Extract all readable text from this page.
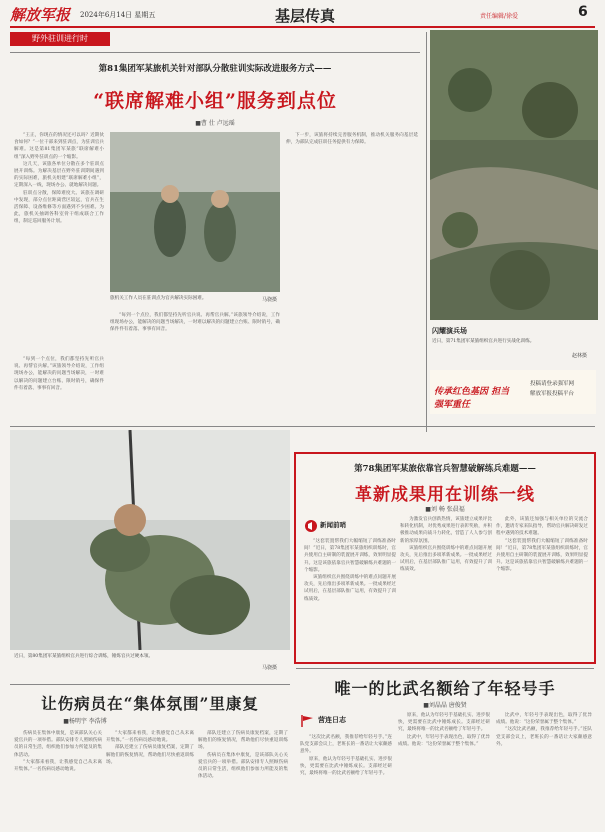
解放军报 2024年6月14日 星期五	基层传真	责任编辑/徐爱	6
野外驻训进行时
第81集团军某旅机关针对部队分散驻训实际改进服务方式——
“联席解难小组”服务到点位
■曹 仕 卢远瑶

“王正，你现在的情况还可以吗？近期伙食如何？”一位干部来到驻训点，为驻训官兵解难。这是第81集团军某旅“联席解难小组”深入野外驻训点的一个缩影。

这几天，该旅各单位分散在多个驻训点展开训练。为解决基层在野外驻训期间遇到的实际困难，旅机关组建“联席解难小组”，定期深入一线，现场办公、就地解决问题。

驻训点分散，保障难度大。该旅在调研中发现，部分点位距离营区较远，官兵在生活保障、设备维修等方面遇到不少困难。为此，旅机关抽调各科室骨干组成联合工作组，制定巡回服务计划。

旅机关工作人员在驻训点为官兵解决实际困难。	马骁摄

“每到一个点位，我们都坚持先听官兵说、再帮官兵解。”该旅领导介绍说，工作组现场办公，能解决的问题当场解决，一时难以解决的问题建立台账、限时销号，确保件件有着落、事事有回音。

下一步，该旅将持续完善服务机制，推动机关服务向基层延伸，为部队完成驻训任务提供有力保障。

“每到一个点位，我们都坚持先听官兵说、再帮官兵解。”该旅领导介绍说，工作组现场办公，能解决的问题当场解决，一时难以解决的问题建立台账、限时销号，确保件件有着落、事事有回音。

闪耀演兵场
近日，第71集团军某旅组织官兵进行实战化训练。
赵林摄
传承红色基因 担当强军重任
投稿请登录强军网
解放军报投稿平台
近日，第80集团军某旅组织官兵进行综合训练，锤炼官兵过硬本领。
马骁摄
第78集团军某旅依靠官兵智慧破解练兵难题——
革新成果用在训练一线
■刘 畅 张晨福
新闻前哨

“这套装置帮我们大幅缩短了训练准备时间！”近日，第78集团军某旅组织训练时，官兵使用自主研制的装置展开训练，效果明显提升。这是该旅依靠官兵智慧破解练兵难题的一个缩影。

该旅组织官兵围绕训练中的难点问题开展攻关，先后推出多项革新成果。一批成果经过试用后，在基层部队推广运用，有效提升了训练质效。

为激发官兵创新热情，该旅建立成果评比和转化机制，对优秀成果进行表彰奖励，并积极推动成果向战斗力转化，营造了人人参与创新的浓厚氛围。

该旅组织官兵围绕训练中的难点问题开展攻关，先后推出多项革新成果。一批成果经过试用后，在基层部队推广运用，有效提升了训练质效。

此外，该旅还加强与相关单位的交流合作，邀请专家来队指导，帮助官兵解决研发过程中遇到的技术难题。

“这套装置帮我们大幅缩短了训练准备时间！”近日，第78集团军某旅组织训练时，官兵使用自主研制的装置展开训练，效果明显提升。这是该旅依靠官兵智慧破解练兵难题的一个缩影。

唯一的比武名额给了年轻号手
■刘晶晶 唐俊贤
营连日志

“这次比武名额，我推荐给年轻号手。”连队党支部会议上，老班长的一番话让大家颇感意外。

原来，他认为年轻号手基础扎实、进步很快，更需要在比武中锤炼成长。支部经过研究，最终将唯一的比武名额给了年轻号手。

原来，他认为年轻号手基础扎实、进步很快，更需要在比武中锤炼成长。支部经过研究，最终将唯一的比武名额给了年轻号手。

比武中，年轻号手表现出色，取得了优异成绩。他说：“这份荣誉属于整个集体。”

比武中，年轻号手表现出色，取得了优异成绩。他说：“这份荣誉属于整个集体。”

“这次比武名额，我推荐给年轻号手。”连队党支部会议上，老班长的一番话让大家颇感意外。

让伤病员在“集体氛围”里康复
■杨明宇 李浩博

伤病员在集体中康复，是该部队关心关爱官兵的一项举措。部队安排专人照顾伤病员的日常生活，组织他们参加力所能及的集体活动。

“大家都来看我，让我感觉自己从未离开集体。”一名伤病员感动地说。

“大家都来看我，让我感觉自己从未离开集体。”一名伤病员感动地说。

部队还建立了伤病员康复档案，定期了解他们的恢复情况，帮助他们尽快重返训练场。

部队还建立了伤病员康复档案，定期了解他们的恢复情况，帮助他们尽快重返训练场。

伤病员在集体中康复，是该部队关心关爱官兵的一项举措。部队安排专人照顾伤病员的日常生活，组织他们参加力所能及的集体活动。
